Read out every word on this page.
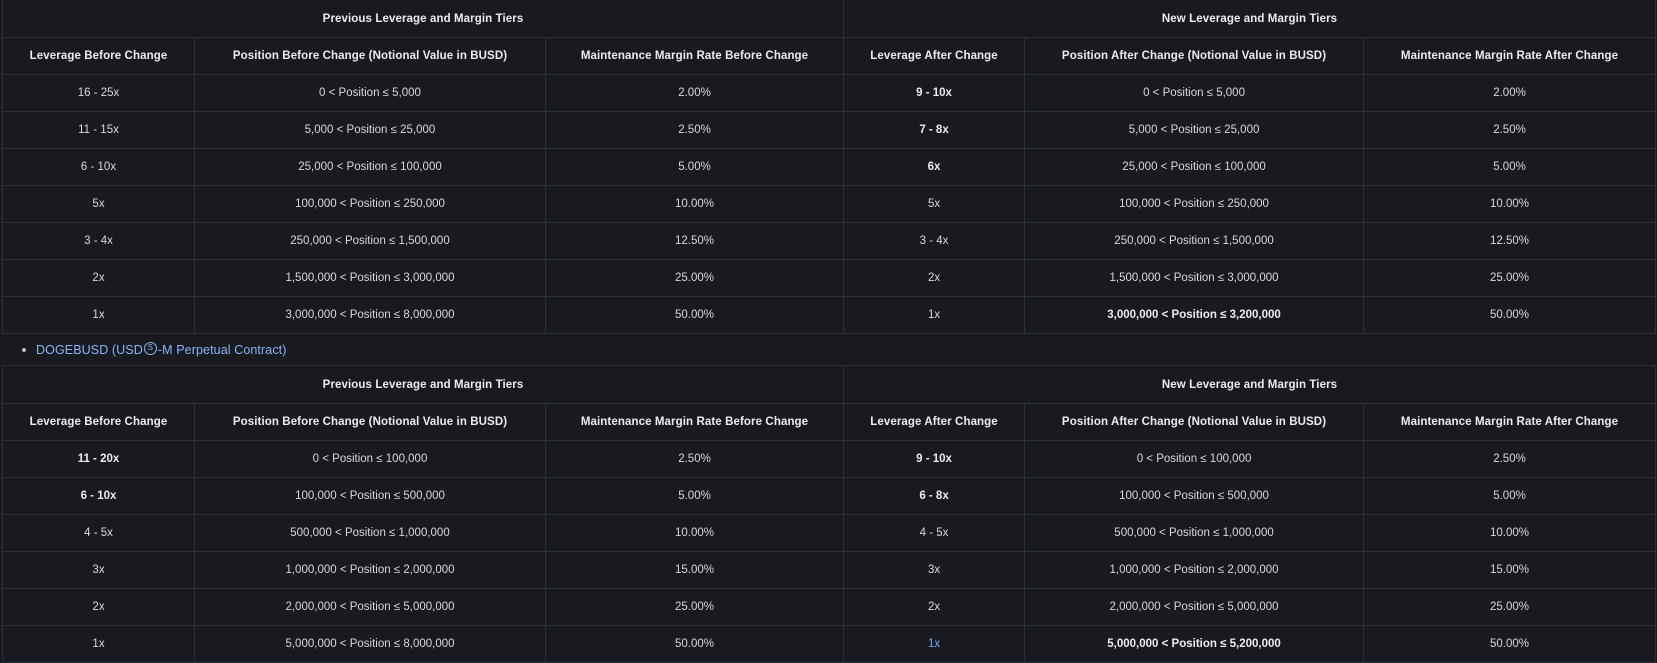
Previous Leverage and Margin Tiers			New Leverage and Margin Tiers		
Leverage Before Change	Position Before Change (Notional Value in BUSD)	Maintenance Margin Rate Before Change	Leverage After Change	Position After Change (Notional Value in BUSD)	Maintenance Margin Rate After Change
16 - 25x	0 < Position ≤ 5,000	2.00%	9 - 10x	0 < Position ≤ 5,000	2.00%
11 - 15x	5,000 < Position ≤ 25,000	2.50%	7 - 8x	5,000 < Position ≤ 25,000	2.50%
6 - 10x	25,000 < Position ≤ 100,000	5.00%	6x	25,000 < Position ≤ 100,000	5.00%
5x	100,000 < Position ≤ 250,000	10.00%	5x	100,000 < Position ≤ 250,000	10.00%
3 - 4x	250,000 < Position ≤ 1,500,000	12.50%	3 - 4x	250,000 < Position ≤ 1,500,000	12.50%
2x	1,500,000 < Position ≤ 3,000,000	25.00%	2x	1,500,000 < Position ≤ 3,000,000	25.00%
1x	3,000,000 < Position ≤ 8,000,000	50.00%	1x	3,000,000 < Position ≤ 3,200,000	50.00%
DOGEBUSD (USD S -M Perpetual Contract)
Previous Leverage and Margin Tiers			New Leverage and Margin Tiers		
Leverage Before Change	Position Before Change (Notional Value in BUSD)	Maintenance Margin Rate Before Change	Leverage After Change	Position After Change (Notional Value in BUSD)	Maintenance Margin Rate After Change
11 - 20x	0 < Position ≤ 100,000	2.50%	9 - 10x	0 < Position ≤ 100,000	2.50%
6 - 10x	100,000 < Position ≤ 500,000	5.00%	6 - 8x	100,000 < Position ≤ 500,000	5.00%
4 - 5x	500,000 < Position ≤ 1,000,000	10.00%	4 - 5x	500,000 < Position ≤ 1,000,000	10.00%
3x	1,000,000 < Position ≤ 2,000,000	15.00%	3x	1,000,000 < Position ≤ 2,000,000	15.00%
2x	2,000,000 < Position ≤ 5,000,000	25.00%	2x	2,000,000 < Position ≤ 5,000,000	25.00%
1x	5,000,000 < Position ≤ 8,000,000	50.00%	1x	5,000,000 < Position ≤ 5,200,000	50.00%
